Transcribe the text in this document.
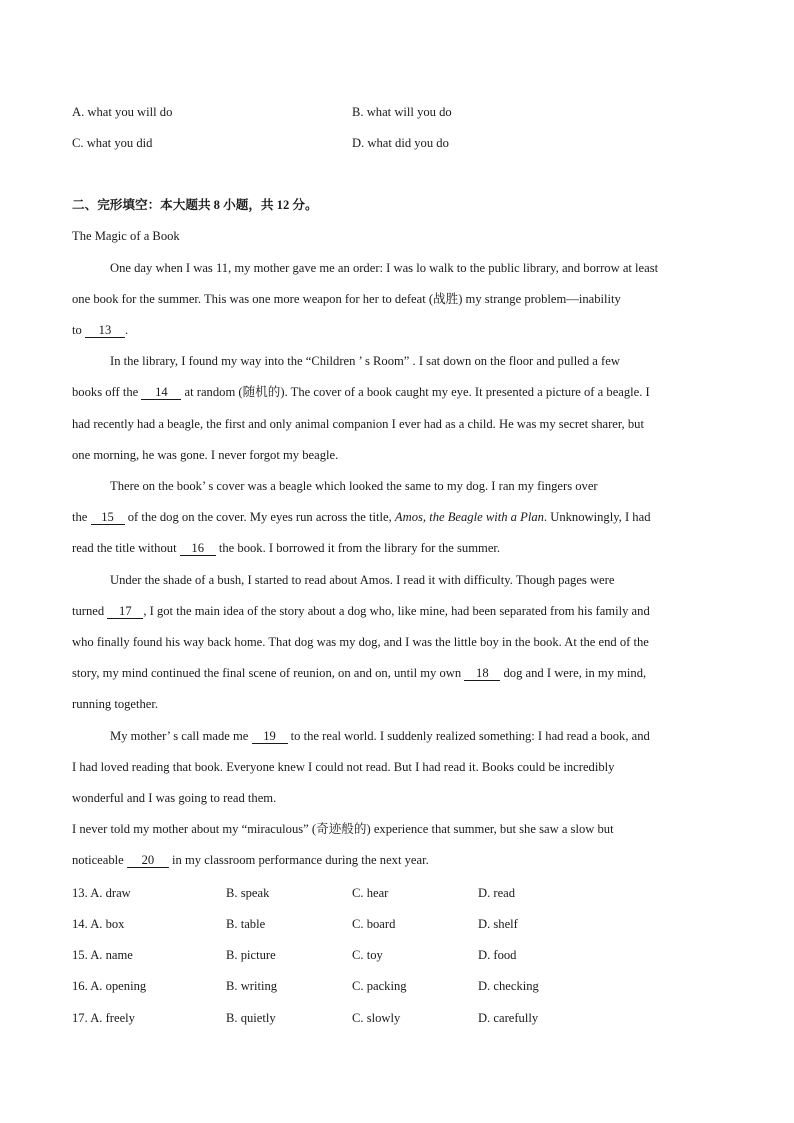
A. what you will do	B. what will you do
C. what you did	D. what did you do
二、完形填空：本大题共 8 小题，共 12 分。
The Magic of a Book
One day when I was 11, my mother gave me an order: I was lo walk to the public library, and borrow at least
one book for the summer. This was one more weapon for her to defeat (战胜) my strange problem—inability
to 13 .
In the library, I found my way into the “Children ’ s Room” . I sat down on the floor and pulled a few
books off the 14 at random (随机的). The cover of a book caught my eye. It presented a picture of a beagle. I
had recently had a beagle, the first and only animal companion I ever had as a child. He was my secret sharer, but
one morning, he was gone. I never forgot my beagle.
There on the book’ s cover was a beagle which looked the same to my dog. I ran my fingers over
the 15 of the dog on the cover. My eyes run across the title, Amos, the Beagle with a Plan. Unknowingly, I had
read the title without 16 the book. I borrowed it from the library for the summer.
Under the shade of a bush, I started to read about Amos. I read it with difficulty. Though pages were
turned 17 , I got the main idea of the story about a dog who, like mine, had been separated from his family and
who finally found his way back home. That dog was my dog, and I was the little boy in the book. At the end of the
story, my mind continued the final scene of reunion, on and on, until my own 18 dog and I were, in my mind,
running together.
My mother’ s call made me 19 to the real world. I suddenly realized something: I had read a book, and
I had loved reading that book. Everyone knew I could not read. But I had read it. Books could be incredibly
wonderful and I was going to read them.
I never told my mother about my “miraculous” (奇迹般的) experience that summer, but she saw a slow but
noticeable 20 in my classroom performance during the next year.
13. A. draw	B. speak	C. hear	D. read
14. A. box	B. table	C. board	D. shelf
15. A. name	B. picture	C. toy	D. food
16. A. opening	B. writing	C. packing	D. checking
17. A. freely	B. quietly	C. slowly	D. carefully
